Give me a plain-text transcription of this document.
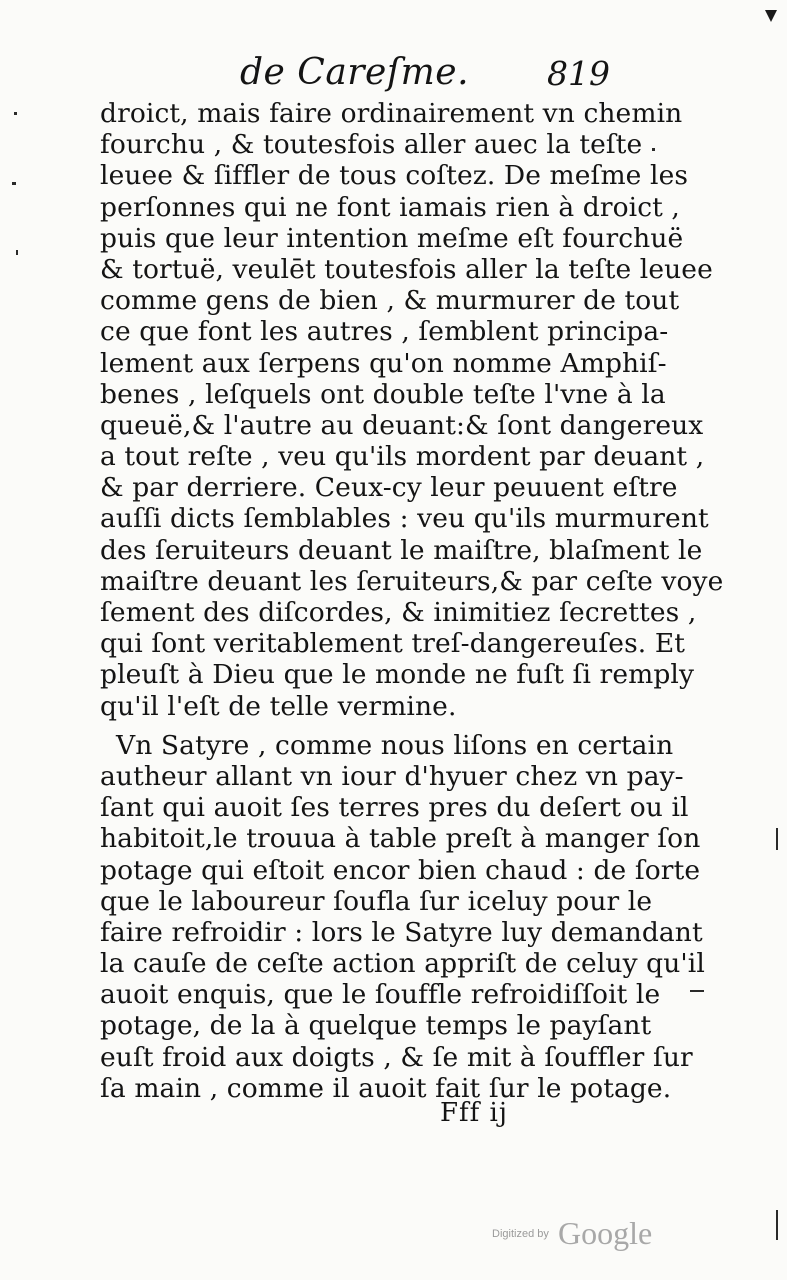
de Careſme. 819
droict, mais faire ordinairement vn chemin
fourchu , & toutesfois aller auec la teſte
leuee & ſiffler de tous coſtez. De meſme les
perſonnes qui ne font iamais rien à droict ,
puis que leur intention meſme eſt fourchuë
& tortuë, veulēt toutesfois aller la teſte leuee
comme gens de bien , & murmurer de tout
ce que font les autres , ſemblent principa-
lement aux ſerpens qu'on nomme Amphiſ-
benes , leſquels ont double teſte l'vne à la
queuë,& l'autre au deuant:& ſont dangereux
a tout reſte , veu qu'ils mordent par deuant ,
& par derriere. Ceux-cy leur peuuent eſtre
auſſi dicts ſemblables : veu qu'ils murmurent
des ſeruiteurs deuant le maiſtre, blaſment le
maiſtre deuant les ſeruiteurs,& par ceſte voye
ſement des diſcordes, & inimitiez ſecrettes ,
qui ſont veritablement treſ-dangereuſes. Et
pleuſt à Dieu que le monde ne fuſt ſi remply
qu'il l'eſt de telle vermine.
Vn Satyre , comme nous liſons en certain
autheur allant vn iour d'hyuer chez vn pay-
ſant qui auoit ſes terres pres du deſert ou il
habitoit,le trouua à table preſt à manger ſon
potage qui eſtoit encor bien chaud : de ſorte
que le laboureur ſoufla ſur iceluy pour le
faire refroidir : lors le Satyre luy demandant
la cauſe de ceſte action appriſt de celuy qu'il
auoit enquis, que le ſouffle refroidiſſoit le
potage, de la à quelque temps le payſant
euſt froid aux doigts , & ſe mit à ſouffler ſur
ſa main , comme il auoit fait ſur le potage.
Fff ij
Digitized by Google
